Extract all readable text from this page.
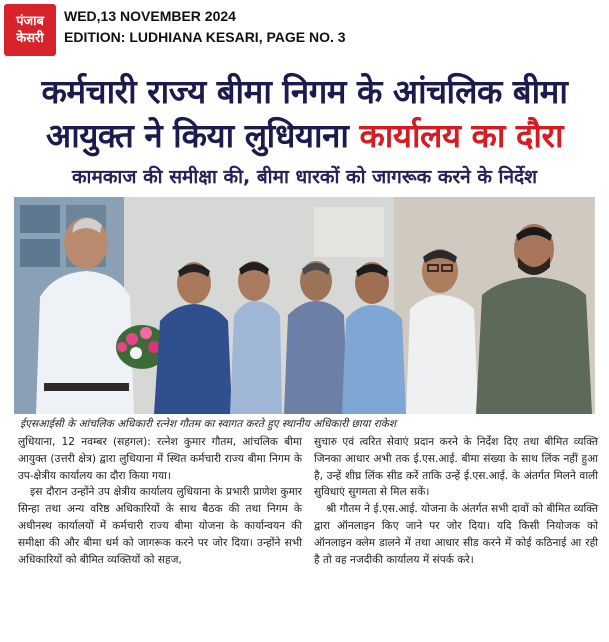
पंजाब
केसरी
WED,13 NOVEMBER 2024
EDITION: LUDHIANA KESARI, PAGE NO. 3
कर्मचारी राज्य बीमा निगम के आंचलिक बीमा
आयुक्त ने किया लुधियाना कार्यालय का दौरा
कामकाज की समीक्षा की, बीमा धारकों को जागरूक करने के निर्देश
ईएसआईसी के आंचलिक अधिकारी रत्नेश गौतम का स्वागत करते हुए स्थानीय अधिकारी छाया राकेश

लुधियाना, 12 नवम्बर (सहगल): रत्नेश कुमार गौतम, आंचलिक बीमा आयुक्त (उत्तरी क्षेत्र) द्वारा लुधियाना में स्थित कर्मचारी राज्य बीमा निगम के उप-क्षेत्रीय कार्यालय का दौरा किया गया।

इस दौरान उन्होंने उप क्षेत्रीय कार्यालय लुधियाना के प्रभारी प्राणेश कुमार सिन्हा तथा अन्य वरिष्ठ अधिकारियों के साथ बैठक की तथा निगम के अधीनस्थ कार्यालयों में कर्मचारी राज्य बीमा योजना के कार्यान्वयन की समीक्षा की और बीमा धर्म को जागरूक करने पर जोर दिया। उन्होंने सभी अधिकारियों को बीमित व्यक्तियों को सहज,

सुचारु एवं त्वरित सेवाएं प्रदान करने के निर्देश दिए तथा बीमित व्यक्ति जिनका आधार अभी तक ई.एस.आई. बीमा संख्या के साथ लिंक नहीं हुआ है, उन्हें शीघ्र लिंक सीड करें ताकि उन्हें ई.एस.आई. के अंतर्गत मिलने वाली सुविधाएं सुगमता से मिल सकें।

श्री गौतम ने ई.एस.आई. योजना के अंतर्गत सभी दावों को बीमित व्यक्ति द्वारा ऑनलाइन किए जाने पर जोर दिया। यदि किसी नियोजक को ऑनलाइन क्लेम डालने में तथा आधार सीड करने में कोई कठिनाई आ रही है तो वह नजदीकी कार्यालय में संपर्क करे।
